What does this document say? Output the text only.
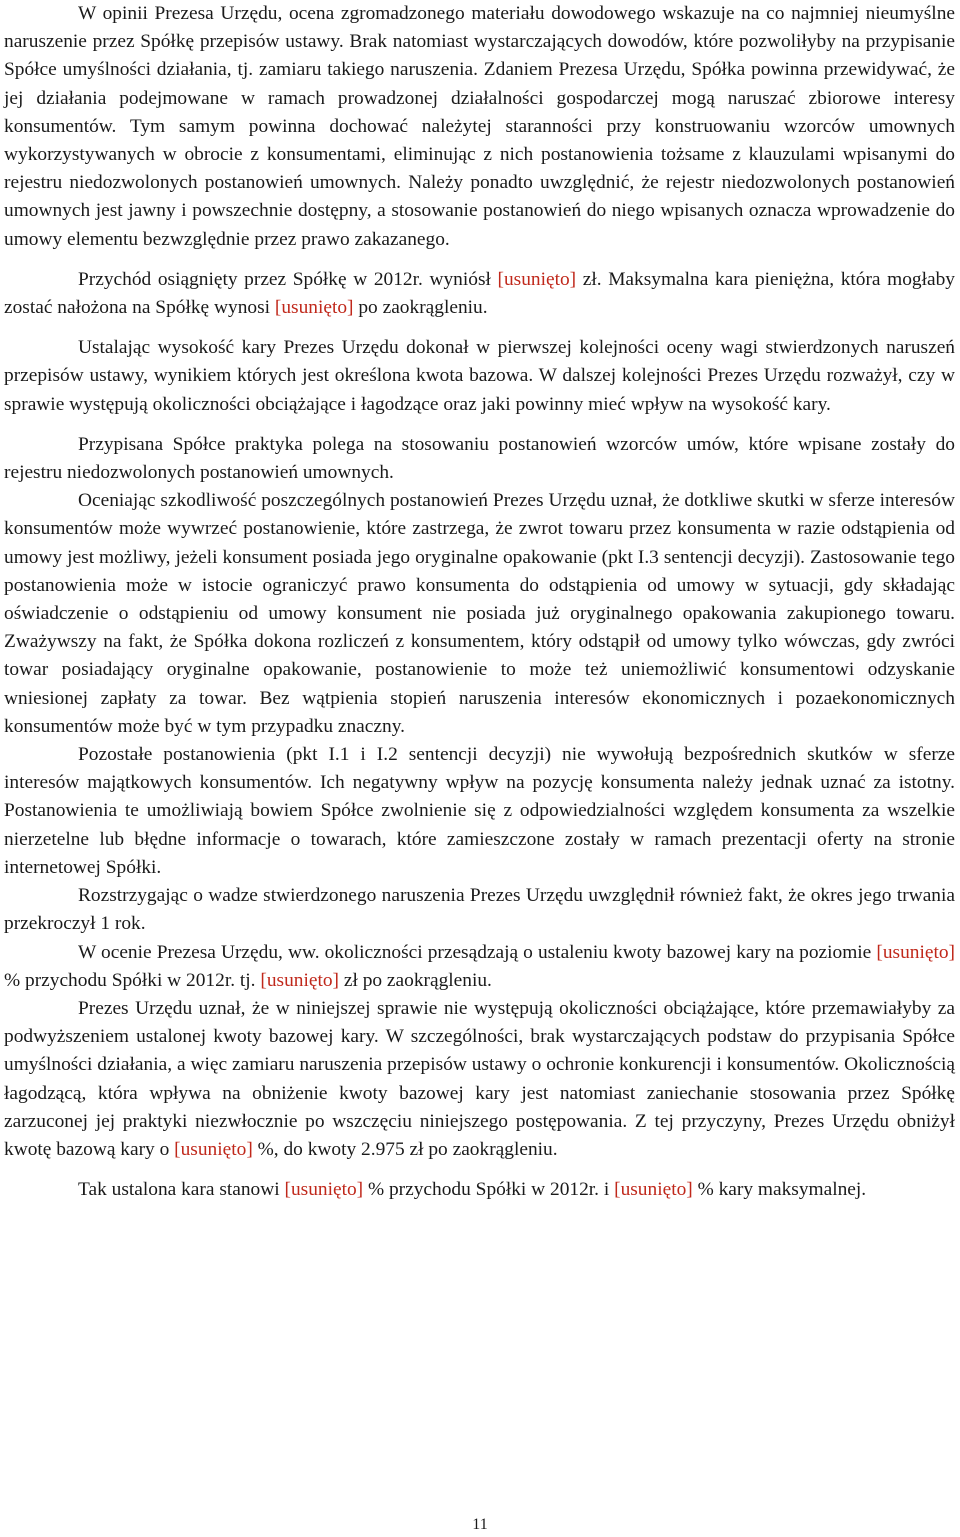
W opinii Prezesa Urzędu, ocena zgromadzonego materiału dowodowego wskazuje na co najmniej nieumyślne naruszenie przez Spółkę przepisów ustawy. Brak natomiast wystarczających dowodów, które pozwoliłyby na przypisanie Spółce umyślności działania, tj. zamiaru takiego naruszenia. Zdaniem Prezesa Urzędu, Spółka powinna przewidywać, że jej działania podejmowane w ramach prowadzonej działalności gospodarczej mogą naruszać zbiorowe interesy konsumentów. Tym samym powinna dochować należytej staranności przy konstruowaniu wzorców umownych wykorzystywanych w obrocie z konsumentami, eliminując z nich postanowienia tożsame z klauzulami wpisanymi do rejestru niedozwolonych postanowień umownych. Należy ponadto uwzględnić, że rejestr niedozwolonych postanowień umownych jest jawny i powszechnie dostępny, a stosowanie postanowień do niego wpisanych oznacza wprowadzenie do umowy elementu bezwzględnie przez prawo zakazanego.

Przychód osiągnięty przez Spółkę w 2012r. wyniósł [usunięto] zł. Maksymalna kara pieniężna, która mogłaby zostać nałożona na Spółkę wynosi [usunięto] po zaokrągleniu.

Ustalając wysokość kary Prezes Urzędu dokonał w pierwszej kolejności oceny wagi stwierdzonych naruszeń przepisów ustawy, wynikiem których jest określona kwota bazowa. W dalszej kolejności Prezes Urzędu rozważył, czy w sprawie występują okoliczności obciążające i łagodzące oraz jaki powinny mieć wpływ na wysokość kary.

Przypisana Spółce praktyka polega na stosowaniu postanowień wzorców umów, które wpisane zostały do rejestru niedozwolonych postanowień umownych.

Oceniając szkodliwość poszczególnych postanowień Prezes Urzędu uznał, że dotkliwe skutki w sferze interesów konsumentów może wywrzeć postanowienie, które zastrzega, że zwrot towaru przez konsumenta w razie odstąpienia od umowy jest możliwy, jeżeli konsument posiada jego oryginalne opakowanie (pkt I.3 sentencji decyzji). Zastosowanie tego postanowienia może w istocie ograniczyć prawo konsumenta do odstąpienia od umowy w sytuacji, gdy składając oświadczenie o odstąpieniu od umowy konsument nie posiada już oryginalnego opakowania zakupionego towaru. Zważywszy na fakt, że Spółka dokona rozliczeń z konsumentem, który odstąpił od umowy tylko wówczas, gdy zwróci towar posiadający oryginalne opakowanie, postanowienie to może też uniemożliwić konsumentowi odzyskanie wniesionej zapłaty za towar. Bez wątpienia stopień naruszenia interesów ekonomicznych i pozaekonomicznych konsumentów może być w tym przypadku znaczny.

Pozostałe postanowienia (pkt I.1 i I.2 sentencji decyzji) nie wywołują bezpośrednich skutków w sferze interesów majątkowych konsumentów. Ich negatywny wpływ na pozycję konsumenta należy jednak uznać za istotny. Postanowienia te umożliwiają bowiem Spółce zwolnienie się z odpowiedzialności względem konsumenta za wszelkie nierzetelne lub błędne informacje o towarach, które zamieszczone zostały w ramach prezentacji oferty na stronie internetowej Spółki.

Rozstrzygając o wadze stwierdzonego naruszenia Prezes Urzędu uwzględnił również fakt, że okres jego trwania przekroczył 1 rok.

W ocenie Prezesa Urzędu, ww. okoliczności przesądzają o ustaleniu kwoty bazowej kary na poziomie [usunięto] % przychodu Spółki w 2012r. tj. [usunięto] zł po zaokrągleniu.

Prezes Urzędu uznał, że w niniejszej sprawie nie występują okoliczności obciążające, które przemawiałyby za podwyższeniem ustalonej kwoty bazowej kary. W szczególności, brak wystarczających podstaw do przypisania Spółce umyślności działania, a więc zamiaru naruszenia przepisów ustawy o ochronie konkurencji i konsumentów. Okolicznością łagodzącą, która wpływa na obniżenie kwoty bazowej kary jest natomiast zaniechanie stosowania przez Spółkę zarzuconej jej praktyki niezwłocznie po wszczęciu niniejszego postępowania. Z tej przyczyny, Prezes Urzędu obniżył kwotę bazową kary o [usunięto] %, do kwoty 2.975 zł po zaokrągleniu.

Tak ustalona kara stanowi [usunięto] % przychodu Spółki w 2012r. i [usunięto] % kary maksymalnej.

11
